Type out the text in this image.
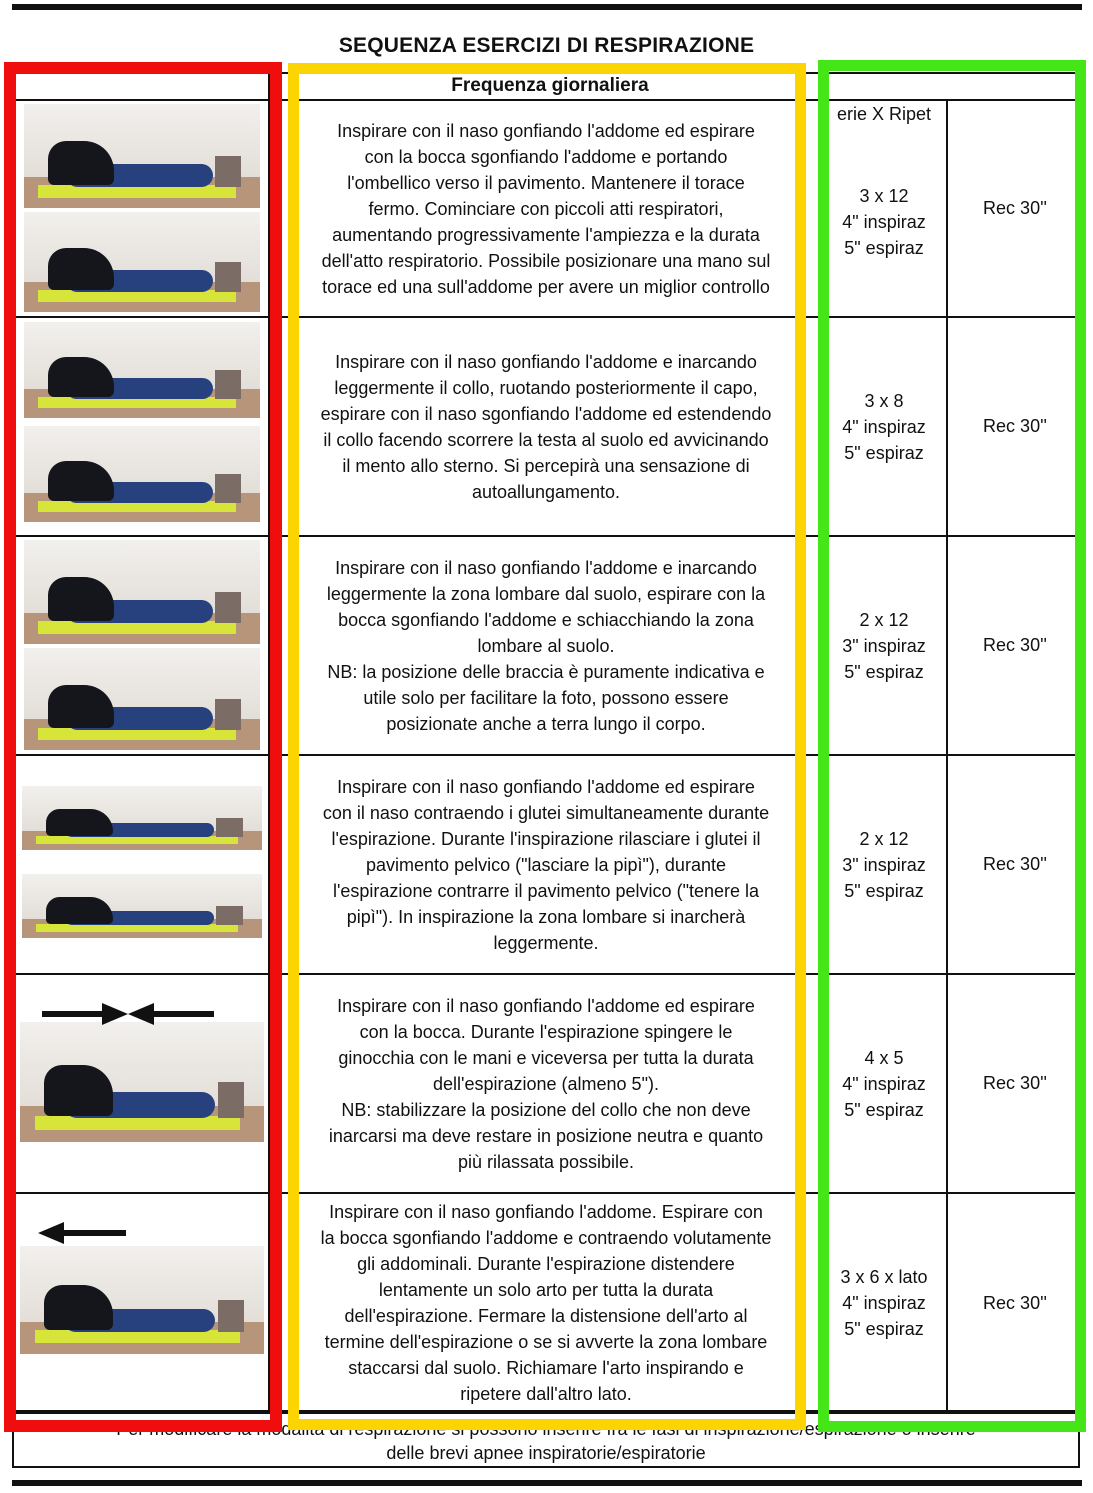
SEQUENZA ESERCIZI DI RESPIRAZIONE
Frequenza giornaliera
erie X Ripet
Inspirare con il naso gonfiando l'addome ed espirare
con la bocca sgonfiando l'addome e portando
l'ombellico verso il pavimento. Mantenere il torace
fermo. Cominciare con piccoli atti respiratori,
aumentando progressivamente l'ampiezza e la durata
dell'atto respiratorio. Possibile posizionare una mano sul
torace ed una sull'addome per avere un miglior controllo
Inspirare con il naso gonfiando l'addome e inarcando
leggermente il collo, ruotando posteriormente il capo,
espirare con il naso sgonfiando l'addome ed estendendo
il collo facendo scorrere la testa al suolo ed avvicinando
il mento allo sterno. Si percepirà una sensazione di
autoallungamento.
Inspirare con il naso gonfiando l'addome e inarcando
leggermente la zona lombare dal suolo, espirare con la
bocca sgonfiando l'addome e schiacchiando la zona
lombare al suolo.
NB: la posizione delle braccia è puramente indicativa e
utile solo per facilitare la foto, possono essere
posizionate anche a terra lungo il corpo.
Inspirare con il naso gonfiando l'addome ed espirare
con il naso contraendo i glutei simultaneamente durante
l'espirazione. Durante l'inspirazione rilasciare i glutei il
pavimento pelvico ("lasciare la pipì"), durante
l'espirazione contrarre il pavimento pelvico ("tenere la
pipì"). In inspirazione la zona lombare si inarcherà
leggermente.
Inspirare con il naso gonfiando l'addome ed espirare
con la bocca. Durante l'espirazione spingere le
ginocchia con le mani e viceversa per tutta la durata
dell'espirazione (almeno 5").
NB: stabilizzare la posizione del collo che non deve
inarcarsi ma deve restare in posizione neutra e quanto
più rilassata possibile.
Inspirare con il naso gonfiando l'addome. Espirare con
la bocca sgonfiando l'addome e contraendo volutamente
gli addominali. Durante l'espirazione distendere
lentamente un solo arto per tutta la durata
dell'espirazione. Fermare la distensione dell'arto al
termine dell'espirazione o se si avverte la zona lombare
staccarsi dal suolo. Richiamare l'arto inspirando e
ripetere dall'altro lato.
3 x 12
4" inspiraz
5" espiraz
3 x 8
4" inspiraz
5" espiraz
2 x 12
3" inspiraz
5" espiraz
2 x 12
3" inspiraz
5" espiraz
4 x 5
4" inspiraz
5" espiraz
3 x 6 x lato
4" inspiraz
5" espiraz
Rec 30''
Rec 30''
Rec 30''
Rec 30''
Rec 30''
Rec 30''
Per modificare la modalità di respirazione si possono inserire fra le fasi di inspirazione/espirazione o inserire
delle brevi apnee inspiratorie/espiratorie
